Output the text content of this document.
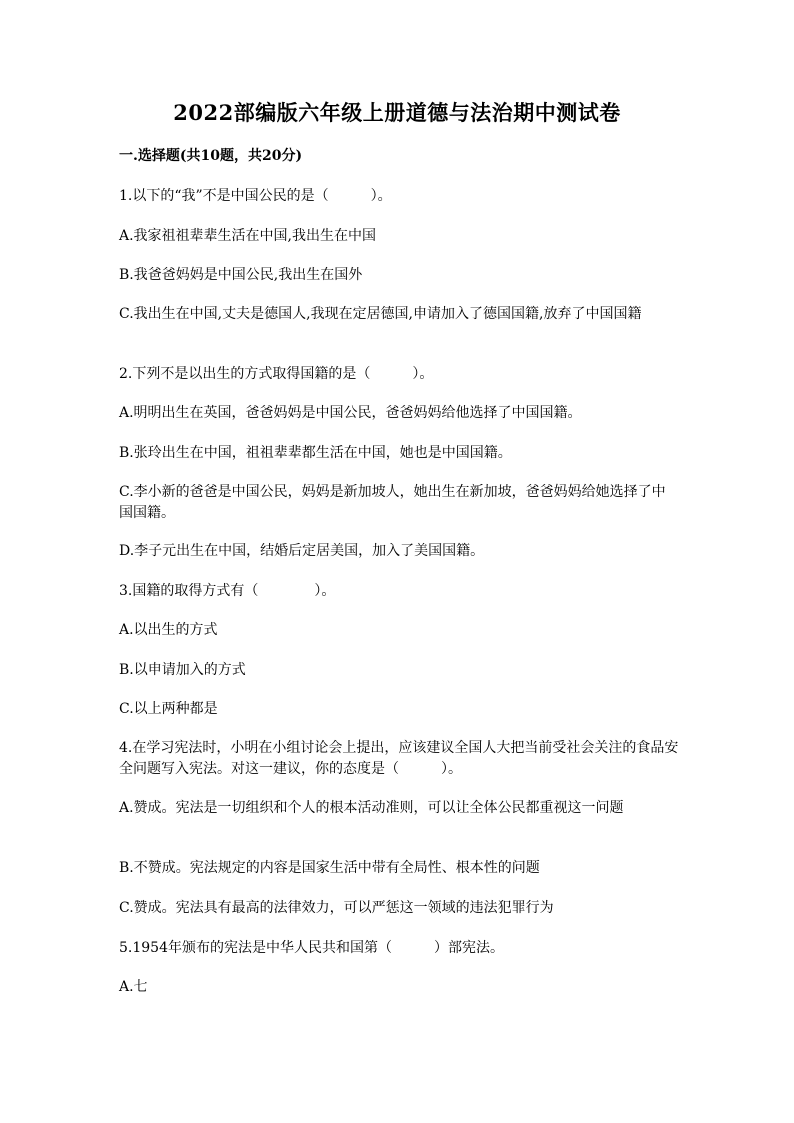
2022部编版六年级上册道德与法治期中测试卷
一.选择题(共10题，共20分)
1.以下的“我”不是中国公民的是（　　　）。
A.我家祖祖辈辈生活在中国,我出生在中国
B.我爸爸妈妈是中国公民,我出生在国外
C.我出生在中国,丈夫是德国人,我现在定居德国,申请加入了德国国籍,放弃了中国国籍
2.下列不是以出生的方式取得国籍的是（　　　）。
A.明明出生在英国，爸爸妈妈是中国公民，爸爸妈妈给他选择了中国国籍。
B.张玲出生在中国，祖祖辈辈都生活在中国，她也是中国国籍。
C.李小新的爸爸是中国公民，妈妈是新加坡人，她出生在新加坡，爸爸妈妈给她选择了中国国籍。
D.李子元出生在中国，结婚后定居美国，加入了美国国籍。
3.国籍的取得方式有（　　　　）。
A.以出生的方式
B.以申请加入的方式
C.以上两种都是
4.在学习宪法时，小明在小组讨论会上提出，应该建议全国人大把当前受社会关注的食品安全问题写入宪法。对这一建议，你的态度是（　　　）。
A.赞成。宪法是一切组织和个人的根本活动准则，可以让全体公民都重视这一问题
B.不赞成。宪法规定的内容是国家生活中带有全局性、根本性的问题
C.赞成。宪法具有最高的法律效力，可以严惩这一领域的违法犯罪行为
5.1954年颁布的宪法是中华人民共和国第（　　　）部宪法。
A.七
